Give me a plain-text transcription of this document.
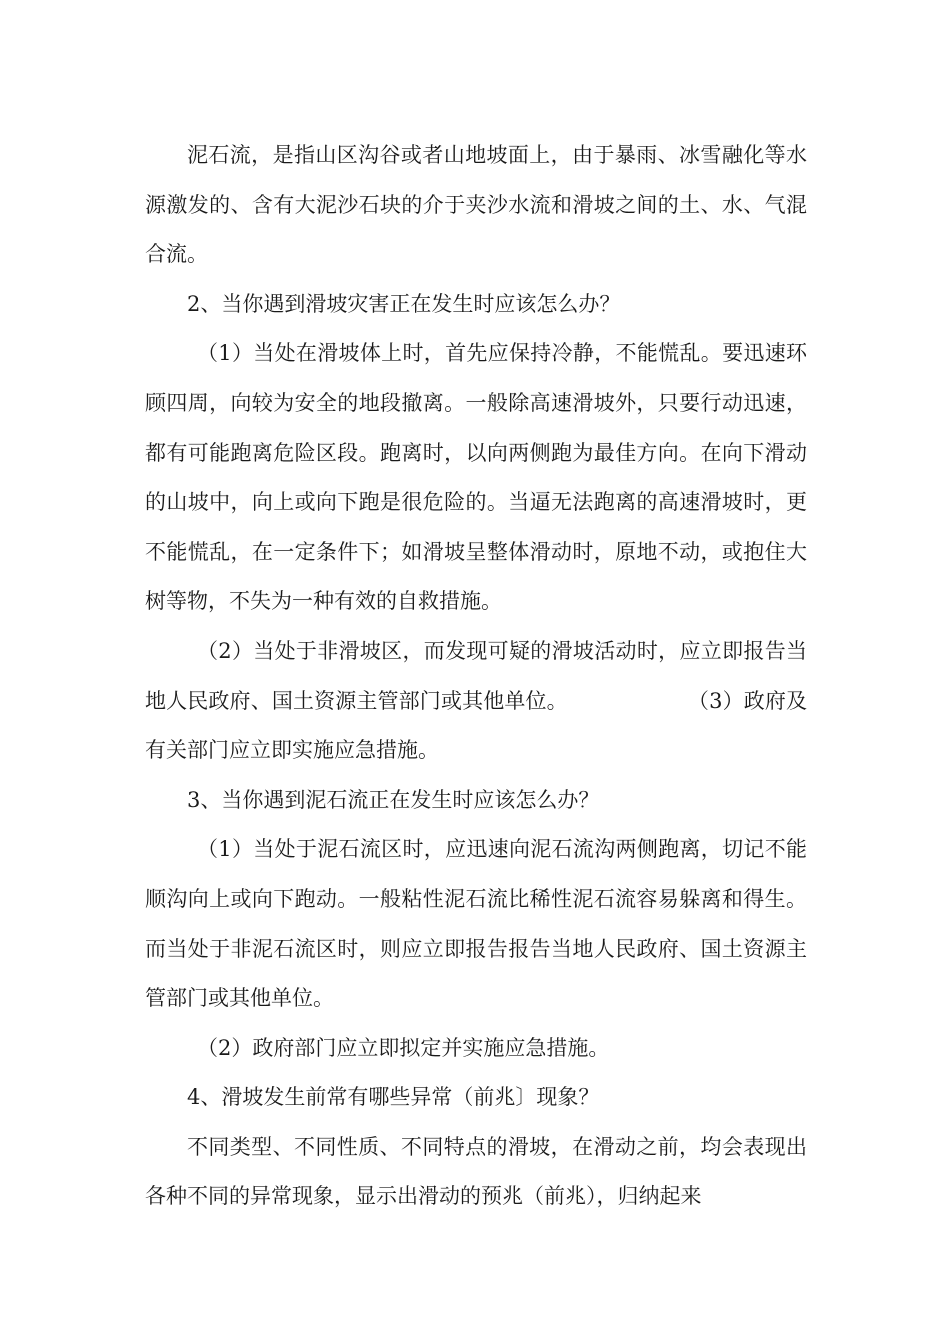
泥石流，是指山区沟谷或者山地坡面上，由于暴雨、冰雪融化等水源激发的、含有大泥沙石块的介于夹沙水流和滑坡之间的土、水、气混合流。

2、当你遇到滑坡灾害正在发生时应该怎么办？

（1）当处在滑坡体上时，首先应保持冷静，不能慌乱。要迅速环顾四周，向较为安全的地段撤离。一般除高速滑坡外，只要行动迅速，都有可能跑离危险区段。跑离时，以向两侧跑为最佳方向。在向下滑动的山坡中，向上或向下跑是很危险的。当逼无法跑离的高速滑坡时，更不能慌乱，在一定条件下；如滑坡呈整体滑动时，原地不动，或抱住大树等物，不失为一种有效的自救措施。

（2）当处于非滑坡区，而发现可疑的滑坡活动时，应立即报告当地人民政府、国土资源主管部门或其他单位。	（3）政府及有关部门应立即实施应急措施。

3、当你遇到泥石流正在发生时应该怎么办？

（1）当处于泥石流区时，应迅速向泥石流沟两侧跑离，切记不能顺沟向上或向下跑动。一般粘性泥石流比稀性泥石流容易躲离和得生。而当处于非泥石流区时，则应立即报告报告当地人民政府、国土资源主管部门或其他单位。

（2）政府部门应立即拟定并实施应急措施。

4、滑坡发生前常有哪些异常（前兆〕现象？

不同类型、不同性质、不同特点的滑坡，在滑动之前，均会表现出各种不同的异常现象，显示出滑动的预兆（前兆），归纳起来
